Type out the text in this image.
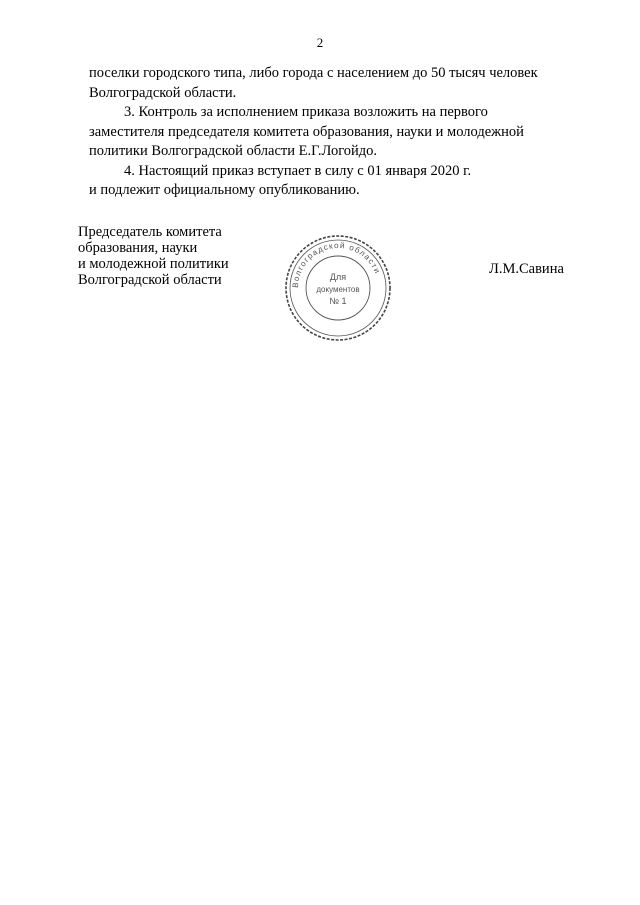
2

поселки городского типа, либо города с населением до 50 тысяч человек

Волгоградской области.

3. Контроль за исполнением приказа возложить на первого

заместителя председателя комитета образования, науки и молодежной

политики Волгоградской области Е.Г.Логойдо.

4. Настоящий приказ вступает в силу с 01 января 2020 г.

и подлежит официальному опубликованию.

Председатель комитета
образования, науки
и молодежной политики
Волгоградской области	Волгоградской области
Для
документов
№ 1
Л.М.Савина
